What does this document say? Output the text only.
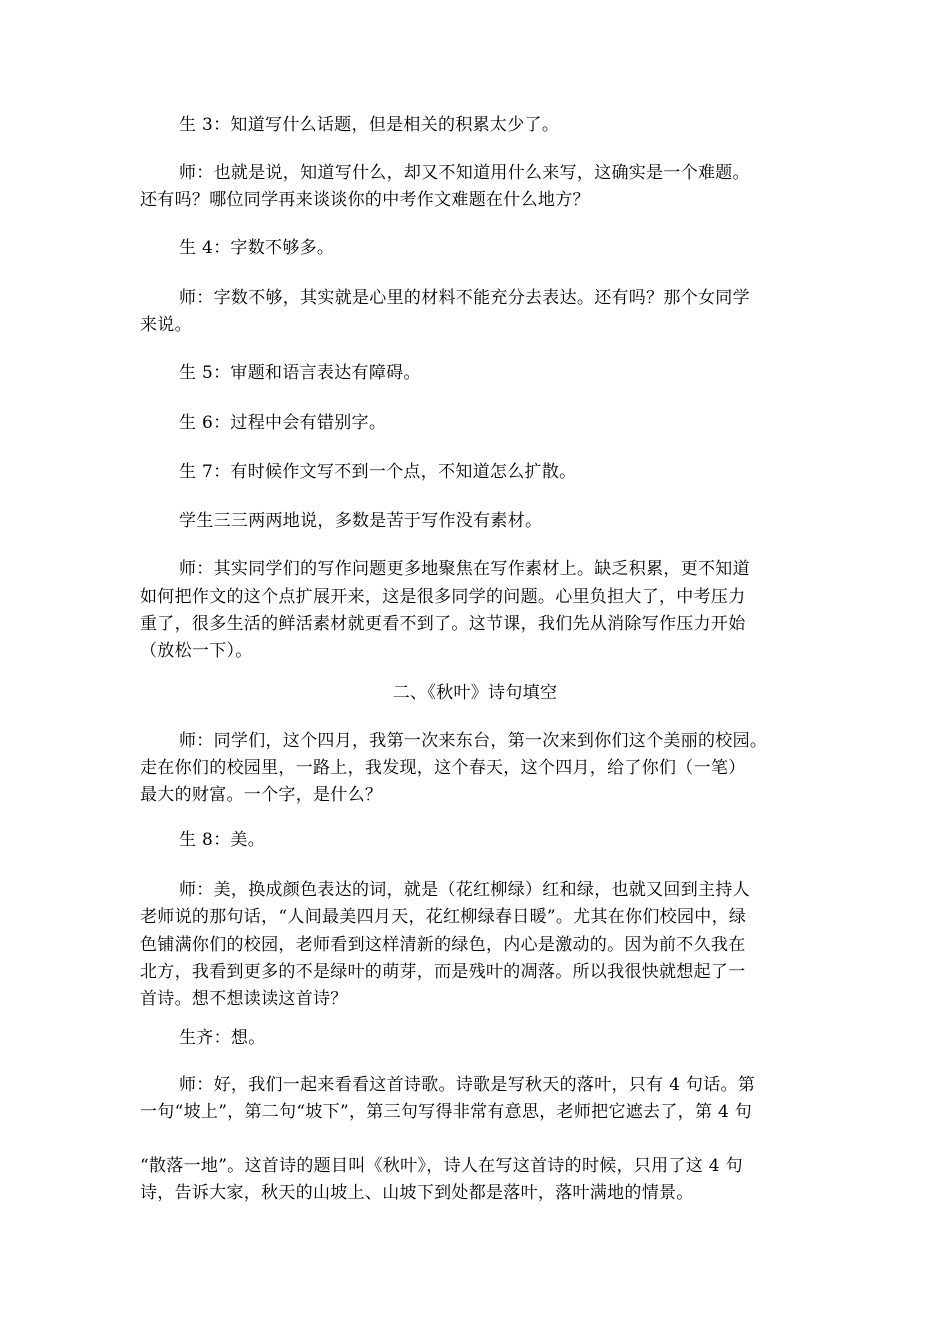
生 3：知道写什么话题，但是相关的积累太少了。
师：也就是说，知道写什么，却又不知道用什么来写，这确实是一个难题。
还有吗？哪位同学再来谈谈你的中考作文难题在什么地方？
生 4：字数不够多。
师：字数不够，其实就是心里的材料不能充分去表达。还有吗？那个女同学
来说。
生 5：审题和语言表达有障碍。
生 6：过程中会有错别字。
生 7：有时候作文写不到一个点，不知道怎么扩散。
学生三三两两地说，多数是苦于写作没有素材。
师：其实同学们的写作问题更多地聚焦在写作素材上。缺乏积累，更不知道
如何把作文的这个点扩展开来，这是很多同学的问题。心里负担大了，中考压力
重了，很多生活的鲜活素材就更看不到了。这节课，我们先从消除写作压力开始
（放松一下）。
二、《秋叶》诗句填空
师：同学们，这个四月，我第一次来东台，第一次来到你们这个美丽的校园。
走在你们的校园里，一路上，我发现，这个春天，这个四月，给了你们（一笔）
最大的财富。一个字，是什么？
生 8：美。
师：美，换成颜色表达的词，就是（花红柳绿）红和绿，也就又回到主持人
老师说的那句话，“人间最美四月天，花红柳绿春日暖”。尤其在你们校园中，绿
色铺满你们的校园，老师看到这样清新的绿色，内心是激动的。因为前不久我在
北方，我看到更多的不是绿叶的萌芽，而是残叶的凋落。所以我很快就想起了一
首诗。想不想读读这首诗？
生齐：想。
师：好，我们一起来看看这首诗歌。诗歌是写秋天的落叶，只有 4 句话。第
一句“坡上”，第二句“坡下”，第三句写得非常有意思，老师把它遮去了，第 4 句
“散落一地”。这首诗的题目叫《秋叶》，诗人在写这首诗的时候，只用了这 4 句
诗，告诉大家，秋天的山坡上、山坡下到处都是落叶，落叶满地的情景。
